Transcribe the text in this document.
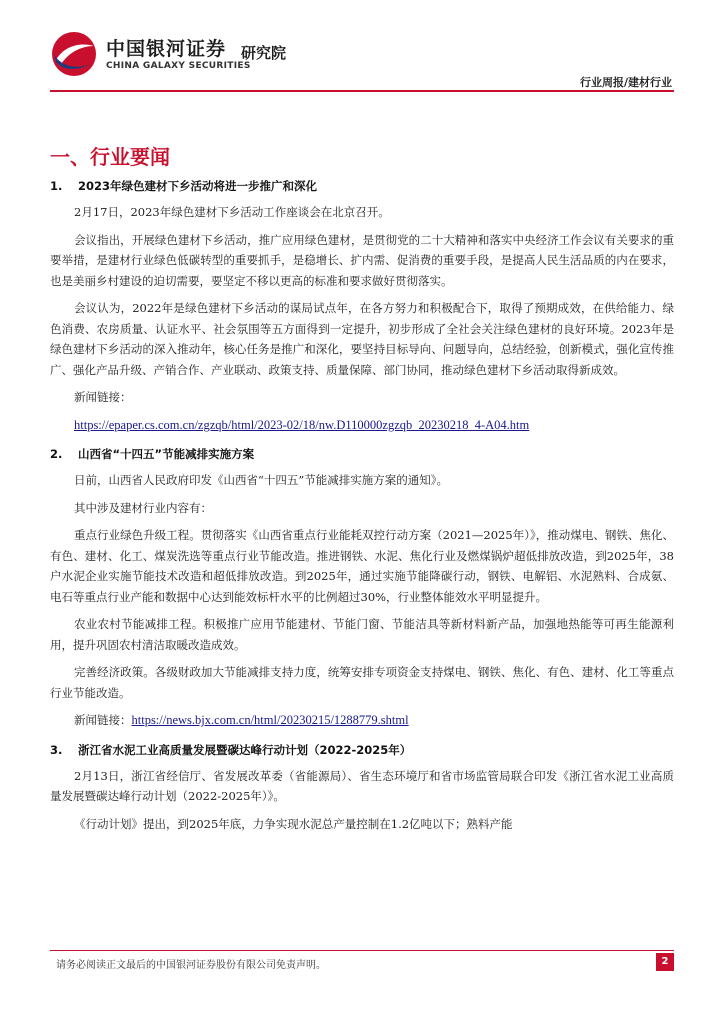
中国银河证券
CHINA GALAXY SECURITIES
研究院
行业周报/建材行业
一、行业要闻
1. 2023年绿色建材下乡活动将进一步推广和深化

2月17日，2023年绿色建材下乡活动工作座谈会在北京召开。

会议指出，开展绿色建材下乡活动，推广应用绿色建材，是贯彻党的二十大精神和落实中央经济工作会议有关要求的重要举措，是建材行业绿色低碳转型的重要抓手，是稳增长、扩内需、促消费的重要手段，是提高人民生活品质的内在要求，也是美丽乡村建设的迫切需要，要坚定不移以更高的标准和要求做好贯彻落实。

会议认为，2022年是绿色建材下乡活动的谋局试点年，在各方努力和积极配合下，取得了预期成效，在供给能力、绿色消费、农房质量、认证水平、社会氛围等五方面得到一定提升，初步形成了全社会关注绿色建材的良好环境。2023年是绿色建材下乡活动的深入推动年，核心任务是推广和深化，要坚持目标导向、问题导向，总结经验，创新模式，强化宣传推广、强化产品升级、产销合作、产业联动、政策支持、质量保障、部门协同，推动绿色建材下乡活动取得新成效。

新闻链接：

https://epaper.cs.com.cn/zgzqb/html/2023-02/18/nw.D110000zgzqb_20230218_4-A04.htm

2. 山西省“十四五”节能减排实施方案

日前，山西省人民政府印发《山西省“十四五”节能减排实施方案的通知》。

其中涉及建材行业内容有：

重点行业绿色升级工程。贯彻落实《山西省重点行业能耗双控行动方案（2021—2025年）》，推动煤电、钢铁、焦化、有色、建材、化工、煤炭洗选等重点行业节能改造。推进钢铁、水泥、焦化行业及燃煤锅炉超低排放改造，到2025年，38户水泥企业实施节能技术改造和超低排放改造。到2025年，通过实施节能降碳行动，钢铁、电解铝、水泥熟料、合成氨、电石等重点行业产能和数据中心达到能效标杆水平的比例超过30%，行业整体能效水平明显提升。

农业农村节能减排工程。积极推广应用节能建材、节能门窗、节能洁具等新材料新产品，加强地热能等可再生能源利用，提升巩固农村清洁取暖改造成效。

完善经济政策。各级财政加大节能减排支持力度，统筹安排专项资金支持煤电、钢铁、焦化、有色、建材、化工等重点行业节能改造。

新闻链接：https://news.bjx.com.cn/html/20230215/1288779.shtml

3. 浙江省水泥工业高质量发展暨碳达峰行动计划（2022-2025年）

2月13日，浙江省经信厅、省发展改革委（省能源局）、省生态环境厅和省市场监管局联合印发《浙江省水泥工业高质量发展暨碳达峰行动计划（2022-2025年）》。

《行动计划》提出，到2025年底，力争实现水泥总产量控制在1.2亿吨以下；熟料产能

请务必阅读正文最后的中国银河证券股份有限公司免责声明。	2
